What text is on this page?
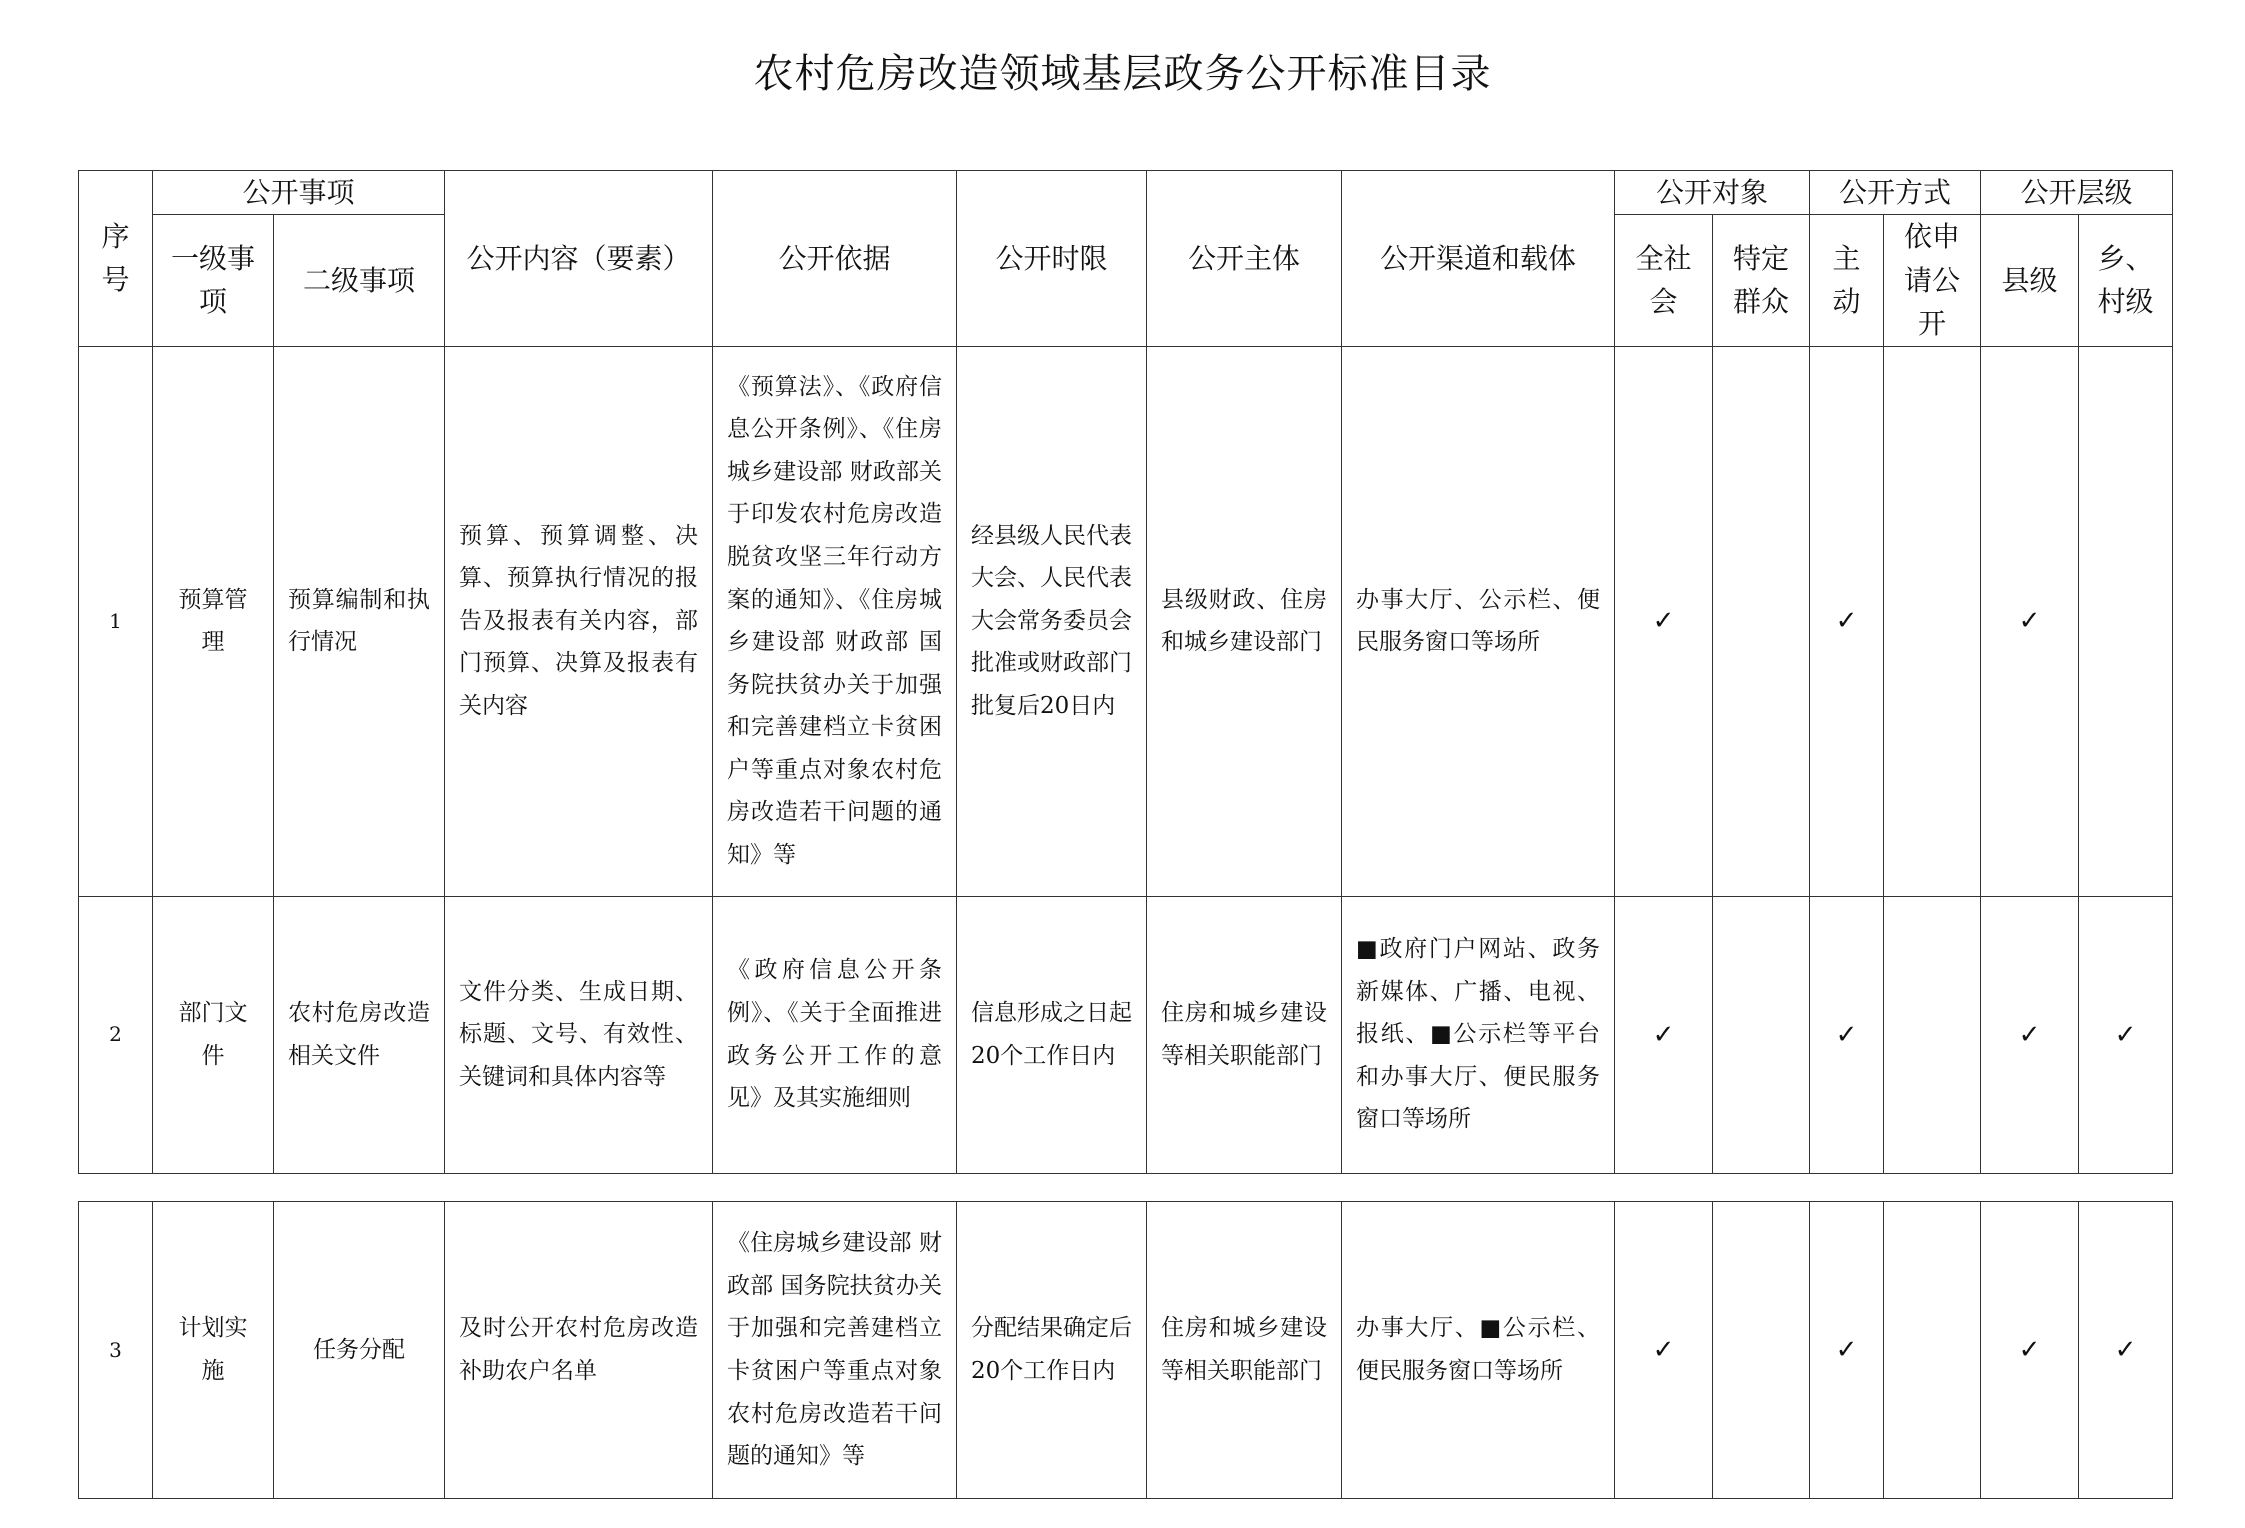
农村危房改造领域基层政务公开标准目录
序号	公开事项		公开内容（要素）	公开依据	公开时限	公开主体	公开渠道和载体	公开对象		公开方式		公开层级	
	一级事项	二级事项						全社会	特定群众	主动	依申请公开	县级	乡、村级
1	预算管理	预算编制和执行情况	预算、预算调整、决算、预算执行情况的报告及报表有关内容，部门预算、决算及报表有关内容	《预算法》、《政府信息公开条例》、《住房城乡建设部 财政部关于印发农村危房改造脱贫攻坚三年行动方案的通知》、《住房城乡建设部 财政部 国务院扶贫办关于加强和完善建档立卡贫困户等重点对象农村危房改造若干问题的通知》等	经县级人民代表大会、人民代表大会常务委员会批准或财政部门批复后20日内	县级财政、住房和城乡建设部门	办事大厅、公示栏、便民服务窗口等场所	✓		✓		✓	
2	部门文件	农村危房改造相关文件	文件分类、生成日期、标题、文号、有效性、关键词和具体内容等	《政府信息公开条例》、《关于全面推进政务公开工作的意见》及其实施细则	信息形成之日起20个工作日内	住房和城乡建设等相关职能部门	■政府门户网站、政务新媒体、广播、电视、报纸、■公示栏等平台和办事大厅、便民服务窗口等场所	✓		✓		✓	✓
3	计划实施	任务分配	及时公开农村危房改造补助农户名单	《住房城乡建设部 财政部 国务院扶贫办关于加强和完善建档立卡贫困户等重点对象农村危房改造若干问题的通知》等	分配结果确定后20个工作日内	住房和城乡建设等相关职能部门	办事大厅、■公示栏、便民服务窗口等场所	✓		✓		✓	✓
